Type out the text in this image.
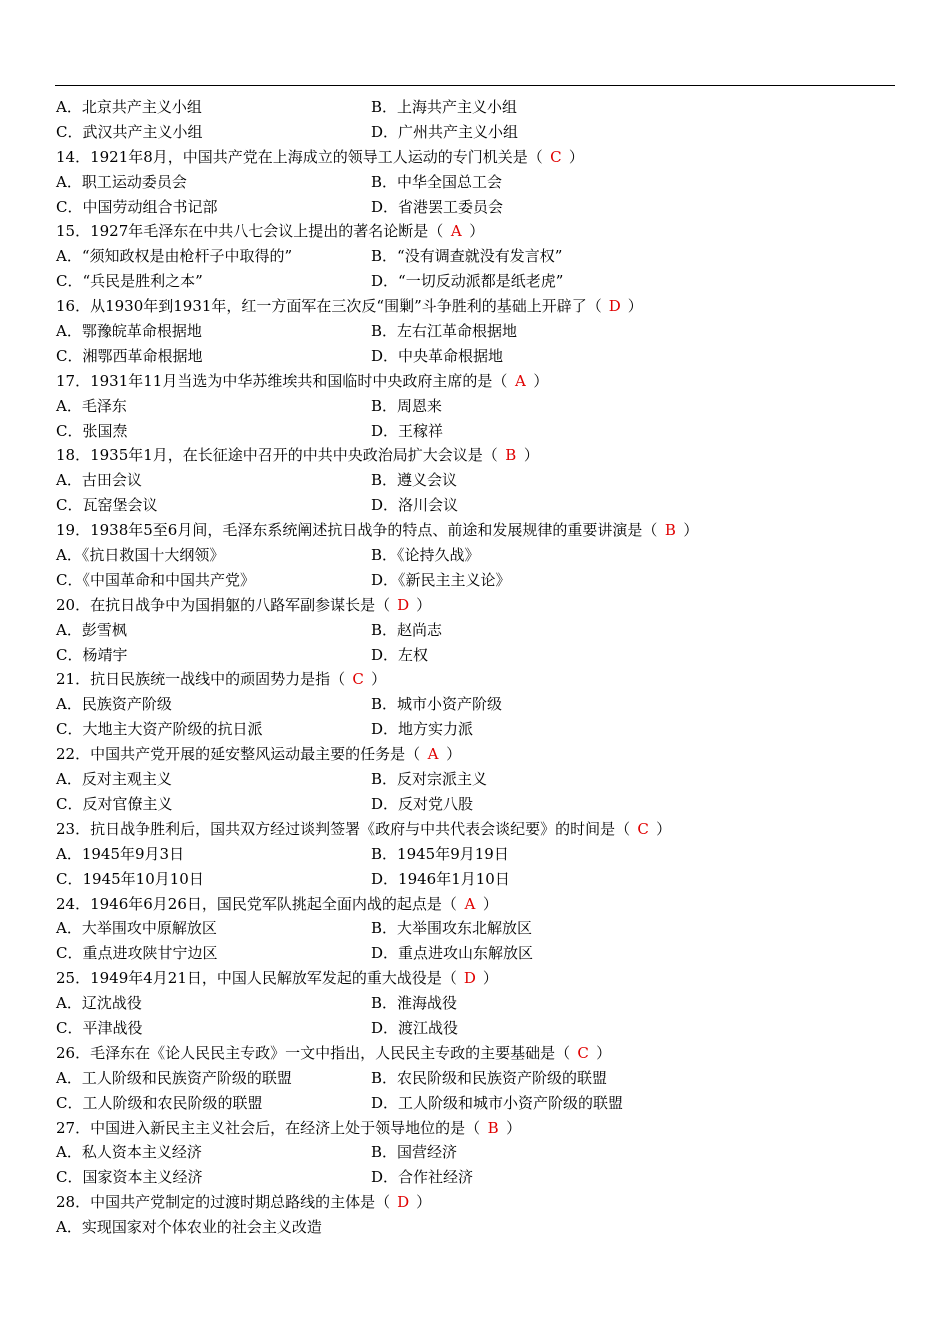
A．北京共产主义小组	B．上海共产主义小组
C．武汉共产主义小组	D．广州共产主义小组
14．1921年8月，中国共产党在上海成立的领导工人运动的专门机关是（ C ）
A．职工运动委员会	B．中华全国总工会
C．中国劳动组合书记部	D．省港罢工委员会
15．1927年毛泽东在中共八七会议上提出的著名论断是（ A ）
A．“须知政权是由枪杆子中取得的”	B．“没有调查就没有发言权”
C．“兵民是胜利之本”	D．“一切反动派都是纸老虎”
16．从1930年到1931年，红一方面军在三次反“围剿”斗争胜利的基础上开辟了（ D ）
A．鄂豫皖革命根据地	B．左右江革命根据地
C．湘鄂西革命根据地	D．中央革命根据地
17．1931年11月当选为中华苏维埃共和国临时中央政府主席的是（ A ）
A．毛泽东	B．周恩来
C．张国焘	D．王稼祥
18．1935年1月，在长征途中召开的中共中央政治局扩大会议是（ B ）
A．古田会议	B．遵义会议
C．瓦窑堡会议	D．洛川会议
19．1938年5至6月间，毛泽东系统阐述抗日战争的特点、前途和发展规律的重要讲演是（ B ）
A．《抗日救国十大纲领》	B．《论持久战》
C．《中国革命和中国共产党》	D．《新民主主义论》
20．在抗日战争中为国捐躯的八路军副参谋长是（ D ）
A．彭雪枫	B．赵尚志
C．杨靖宇	D．左权
21．抗日民族统一战线中的顽固势力是指（ C ）
A．民族资产阶级	B．城市小资产阶级
C．大地主大资产阶级的抗日派	D．地方实力派
22．中国共产党开展的延安整风运动最主要的任务是（ A ）
A．反对主观主义	B．反对宗派主义
C．反对官僚主义	D．反对党八股
23．抗日战争胜利后，国共双方经过谈判签署《政府与中共代表会谈纪要》的时间是（ C ）
A．1945年9月3日	B．1945年9月19日
C．1945年10月10日	D．1946年1月10日
24．1946年6月26日，国民党军队挑起全面内战的起点是（ A ）
A．大举围攻中原解放区	B．大举围攻东北解放区
C．重点进攻陕甘宁边区	D．重点进攻山东解放区
25．1949年4月21日，中国人民解放军发起的重大战役是（ D ）
A．辽沈战役	B．淮海战役
C．平津战役	D．渡江战役
26．毛泽东在《论人民民主专政》一文中指出，人民民主专政的主要基础是（ C ）
A．工人阶级和民族资产阶级的联盟	B．农民阶级和民族资产阶级的联盟
C．工人阶级和农民阶级的联盟	D．工人阶级和城市小资产阶级的联盟
27．中国进入新民主主义社会后，在经济上处于领导地位的是（ B ）
A．私人资本主义经济	B．国营经济
C．国家资本主义经济	D．合作社经济
28．中国共产党制定的过渡时期总路线的主体是（ D ）
A．实现国家对个体农业的社会主义改造
